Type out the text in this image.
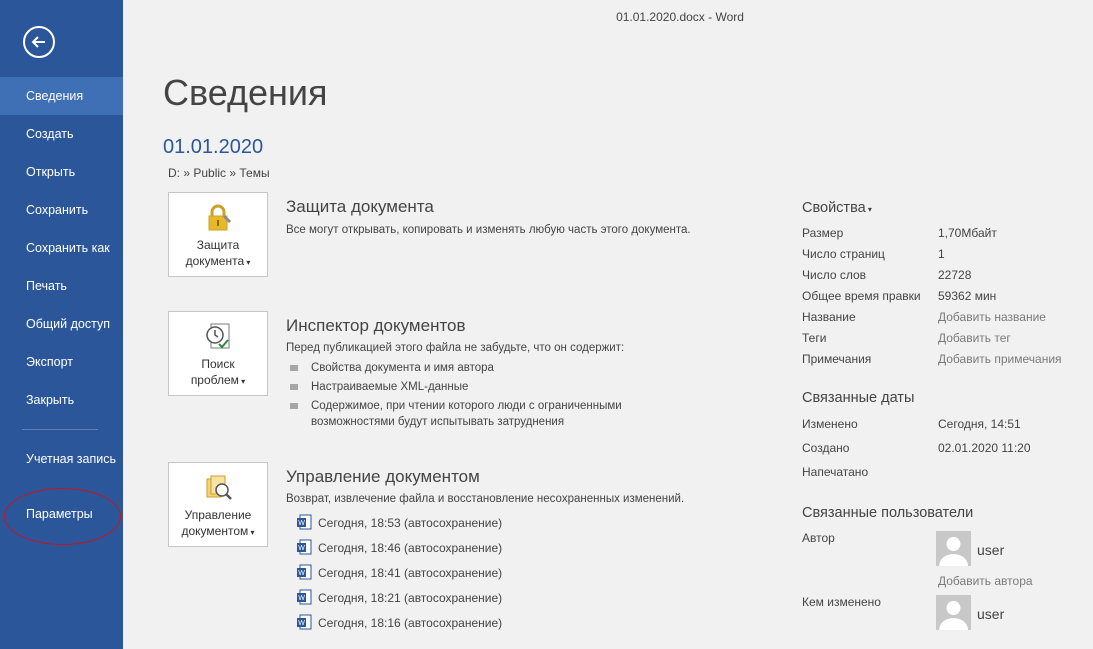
Сведения
Создать
Открыть
Сохранить
Сохранить как
Печать
Общий доступ
Экспорт
Закрыть
Учетная запись
Параметры
01.01.2020.docx - Word
Сведения
01.01.2020
D: » Public » Темы
Защита
документа ▾
Защита документа
Все могут открывать, копировать и изменять любую часть этого документа.
Поиск
проблем ▾
Инспектор документов
Перед публикацией этого файла не забудьте, что он содержит:
Свойства документа и имя автора
Настраиваемые XML-данные
Содержимое, при чтении которого люди с ограниченными возможностями будут испытывать затруднения
Управление
документом ▾
Управление документом
Возврат, извлечение файла и восстановление несохраненных изменений.
W Сегодня, 18:53 (автосохранение)
W Сегодня, 18:46 (автосохранение)
W Сегодня, 18:41 (автосохранение)
W Сегодня, 18:21 (автосохранение)
W Сегодня, 18:16 (автосохранение)
Свойства ▾
Размер	1,70Мбайт
Число страниц	1
Число слов	22728
Общее время правки 59362 мин
Название	Добавить название
Теги	Добавить тег
Примечания	Добавить примечания
Связанные даты
Изменено	Сегодня, 14:51
Создано	02.01.2020 11:20
Напечатано
Связанные пользователи
Автор
user
Добавить автора
Кем изменено
user
